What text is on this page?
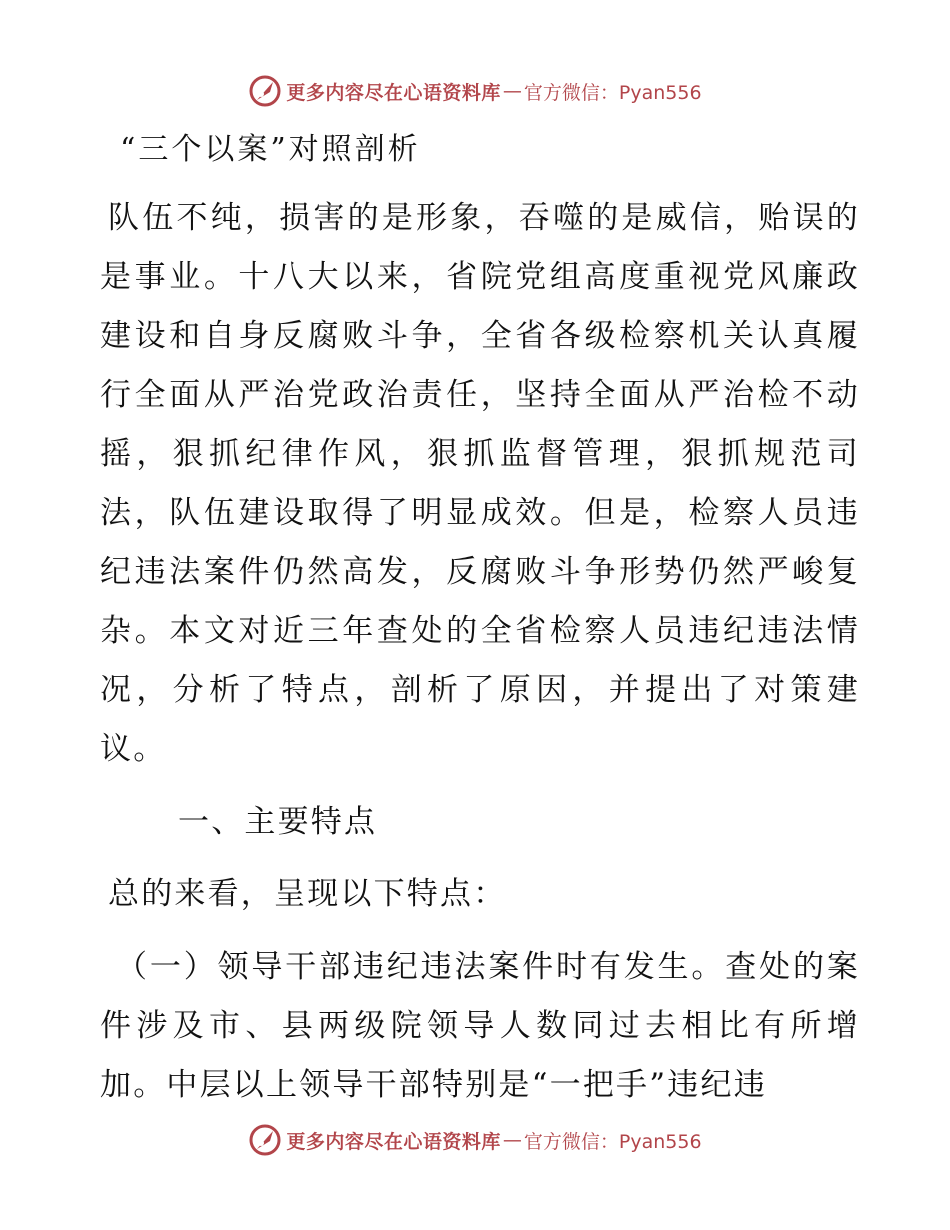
更多内容尽在心语资料库 — 官方微信：Pyan556
“三个以案”对照剖析

队伍不纯，损害的是形象，吞噬的是威信，贻误的是事业。十八大以来，省院党组高度重视党风廉政建设和自身反腐败斗争，全省各级检察机关认真履行全面从严治党政治责任，坚持全面从严治检不动摇，狠抓纪律作风，狠抓监督管理，狠抓规范司法，队伍建设取得了明显成效。但是，检察人员违纪违法案件仍然高发，反腐败斗争形势仍然严峻复杂。本文对近三年查处的全省检察人员违纪违法情况，分析了特点，剖析了原因，并提出了对策建议。

一、主要特点

总的来看，呈现以下特点：

（一）领导干部违纪违法案件时有发生。查处的案件涉及市、县两级院领导人数同过去相比有所增加。中层以上领导干部特别是“一把手”违纪违

更多内容尽在心语资料库 — 官方微信：Pyan556
